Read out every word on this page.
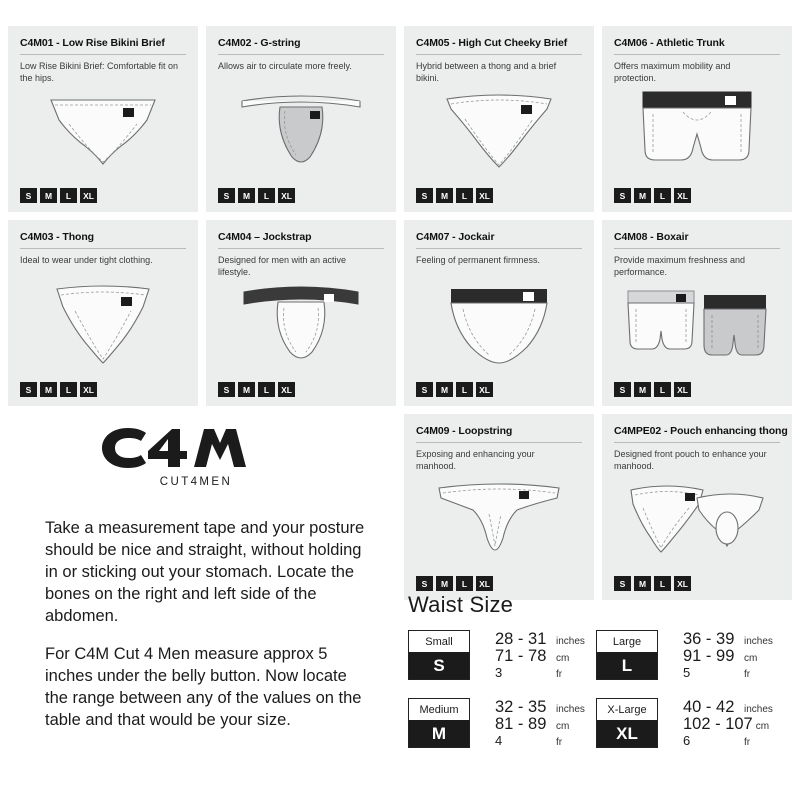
C4M01 - Low Rise Bikini Brief
Low Rise Bikini Brief: Comfortable fit on the hips.
S	M	L	XL
C4M02 - G-string
Allows air to circulate more freely.
S	M	L	XL
C4M05 - High Cut Cheeky Brief
Hybrid between a thong and a brief bikini.
S	M	L	XL
C4M06 - Athletic Trunk
Offers maximum mobility and protection.
S	M	L	XL
C4M03 - Thong
Ideal to wear under tight clothing.
S	M	L	XL
C4M04 – Jockstrap
Designed for men with an active lifestyle.
S	M	L	XL
C4M07 - Jockair
Feeling of permanent firmness.
S	M	L	XL
C4M08 - Boxair
Provide maximum freshness and performance.
S	M	L	XL
C4M09 - Loopstring
Exposing and enhancing your manhood.
S	M	L	XL
C4MPE02 - Pouch enhancing thong
Designed front pouch to enhance your manhood.
S	M	L	XL
CUT4MEN

Take a measurement tape and your posture should be nice and straight, without holding in or sticking out your stomach. Locate the bones on the right and left side of the abdomen.

For C4M Cut 4 Men measure approx 5 inches under the belly button. Now locate the range between any of the values on the table and that would be your size.

Waist Size
Small
S
28 - 31 inches
71 - 78 cm
3	fr
Large
L
36 - 39 inches
91 - 99 cm
5	fr
Medium
M
32 - 35 inches
81 - 89 cm
4	fr
X-Large
XL
40 - 42 inches
102 - 107 cm
6	fr
